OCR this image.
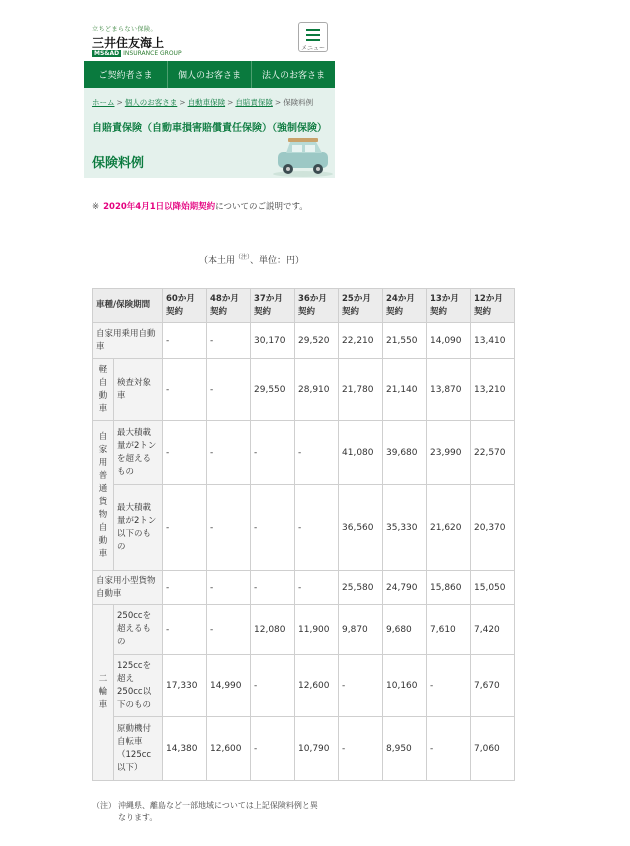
立ちどまらない保険。
三井住友海上
MS&AD INSURANCE GROUP
メニュー
ご契約者さま	個人のお客さま	法人のお客さま
ホーム > 個人のお客さま > 自動車保険 > 自賠責保険 > 保険料例
自賠責保険（自動車損害賠償責任保険）（強制保険）
保険料例
※ 2020年4月1日以降始期契約についてのご説明です。
（本土用$^{(注)}$、単位：円）
車種/保険期間		60か月契約	48か月契約	37か月契約	36か月契約	25か月契約	24か月契約	13か月契約	12か月契約
自家用乗用自動車		-	-	30,170	29,520	22,210	21,550	14,090	13,410

軽自動車	検査対象車	-	-	29,550	28,910	21,780	21,140	13,870	13,210

自家用普通貨物自動車	最大積載量が2トンを超えるもの	-	-	-	-	41,080	39,680	23,990	22,570
	最大積載量が2トン以下のもの	-	-	-	-	36,560	35,330	21,620	20,370
自家用小型貨物自動車		-	-	-	-	25,580	24,790	15,860	15,050

二輪車	250ccを超えるもの	-	-	12,080	11,900	9,870	9,680	7,610	7,420
	125ccを超え250cc以下のもの	17,330	14,990	-	12,600	-	10,160	-	7,670
	原動機付自転車（125cc以下）	14,380	12,600	-	10,790	-	8,950	-	7,060
（注） 沖縄県、離島など一部地域については上記保険料例と異なります。
